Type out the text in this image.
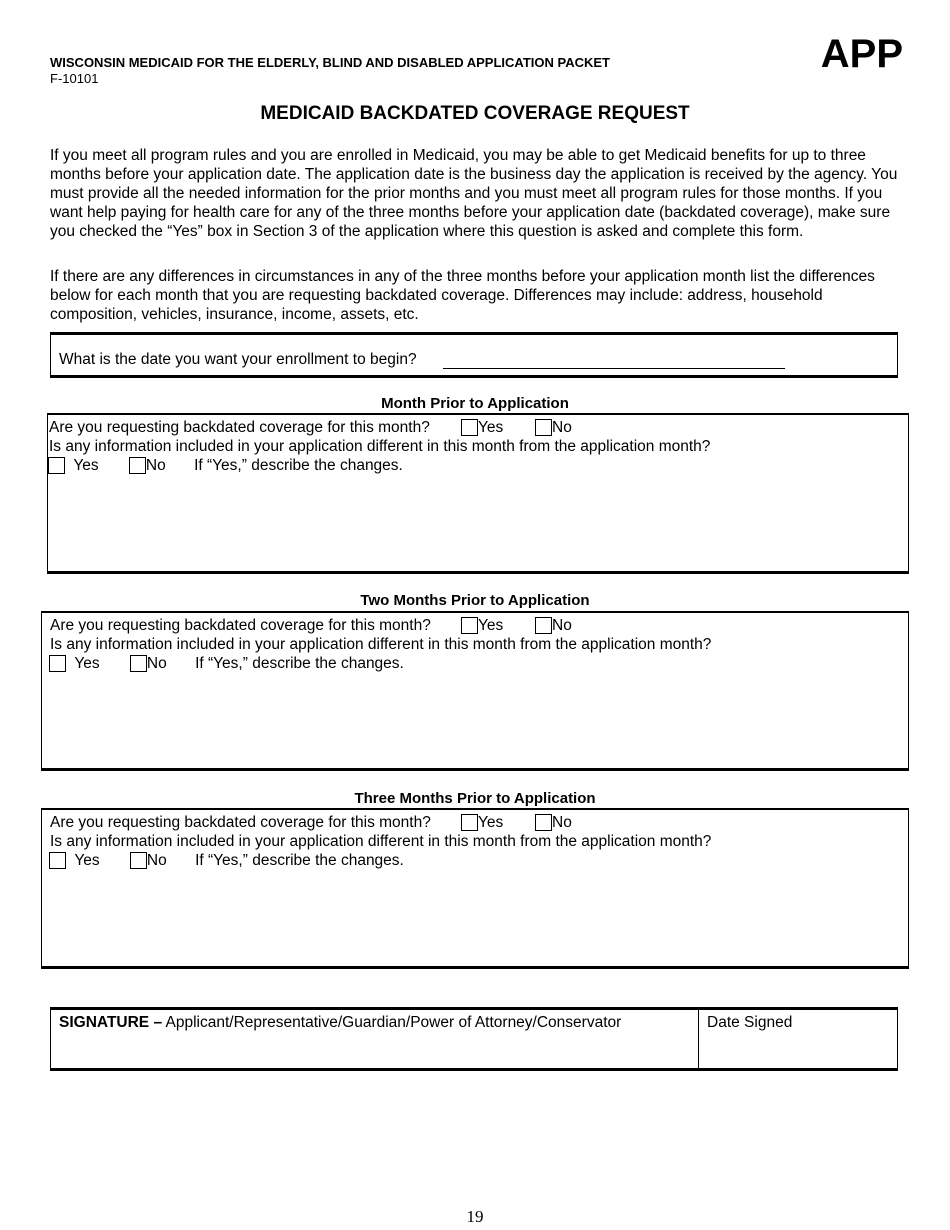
WISCONSIN MEDICAID FOR THE ELDERLY, BLIND AND DISABLED APPLICATION PACKET
F-10101
APP
MEDICAID BACKDATED COVERAGE REQUEST
If you meet all program rules and you are enrolled in Medicaid, you may be able to get Medicaid benefits for up to three months before your application date. The application date is the business day the application is received by the agency. You must provide all the needed information for the prior months and you must meet all program rules for those months. If you want help paying for health care for any of the three months before your application date (backdated coverage), make sure you checked the “Yes” box in Section 3 of the application where this question is asked and complete this form.
If there are any differences in circumstances in any of the three months before your application month list the differences below for each month that you are requesting backdated coverage. Differences may include: address, household composition, vehicles, insurance, income, assets, etc.
What is the date you want your enrollment to begin?
Month Prior to Application
Are you requesting backdated coverage for this month?	Yes	No
Is any information included in your application different in this month from the application month?
Yes	No If “Yes,” describe the changes.
Two Months Prior to Application
Are you requesting backdated coverage for this month?	Yes	No
Is any information included in your application different in this month from the application month?
Yes	No If “Yes,” describe the changes.
Three Months Prior to Application
Are you requesting backdated coverage for this month?	Yes	No
Is any information included in your application different in this month from the application month?
Yes	No If “Yes,” describe the changes.
SIGNATURE – Applicant/Representative/Guardian/Power of Attorney/Conservator	Date Signed
19
